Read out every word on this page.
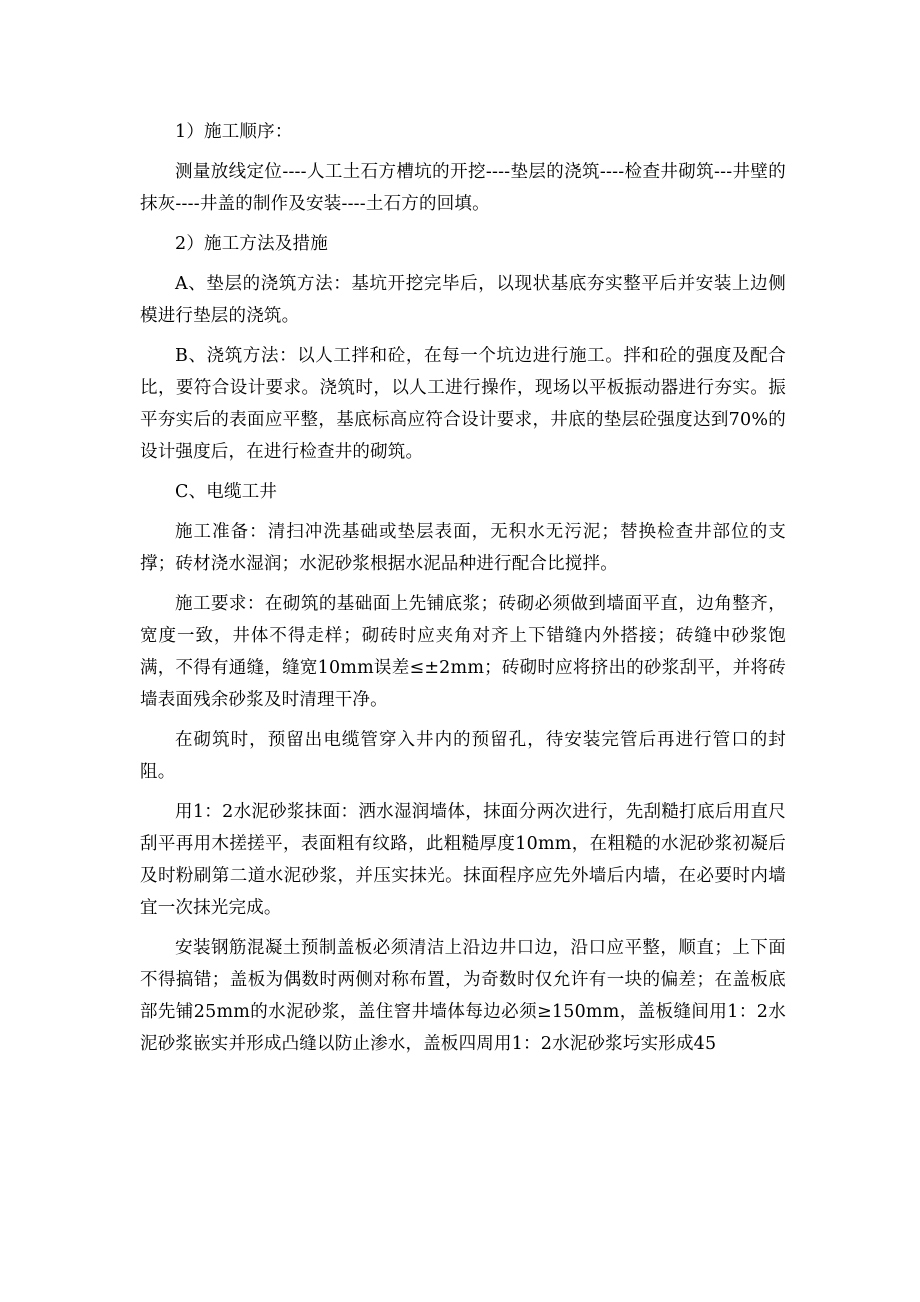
1）施工顺序：

测量放线定位----人工土石方槽坑的开挖----垫层的浇筑----检查井砌筑---井壁的抹灰----井盖的制作及安装----土石方的回填。

2）施工方法及措施

A、垫层的浇筑方法：基坑开挖完毕后，以现状基底夯实整平后并安装上边侧模进行垫层的浇筑。

B、浇筑方法：以人工拌和砼，在每一个坑边进行施工。拌和砼的强度及配合比，要符合设计要求。浇筑时，以人工进行操作，现场以平板振动器进行夯实。振平夯实后的表面应平整，基底标高应符合设计要求，井底的垫层砼强度达到70%的设计强度后，在进行检查井的砌筑。

C、电缆工井

施工准备：清扫冲洗基础或垫层表面，无积水无污泥；替换检查井部位的支撑；砖材浇水湿润；水泥砂浆根据水泥品种进行配合比搅拌。

施工要求：在砌筑的基础面上先铺底浆；砖砌必须做到墙面平直，边角整齐，宽度一致，井体不得走样；砌砖时应夹角对齐上下错缝内外搭接；砖缝中砂浆饱满，不得有通缝，缝宽10mm误差≤±2mm；砖砌时应将挤出的砂浆刮平，并将砖墙表面残余砂浆及时清理干净。

在砌筑时，预留出电缆管穿入井内的预留孔，待安装完管后再进行管口的封阻。

用1：2水泥砂浆抹面：洒水湿润墙体，抹面分两次进行，先刮糙打底后用直尺刮平再用木搓搓平，表面粗有纹路，此粗糙厚度10mm，在粗糙的水泥砂浆初凝后及时粉刷第二道水泥砂浆，并压实抹光。抹面程序应先外墙后内墙，在必要时内墙宜一次抹光完成。

安装钢筋混凝土预制盖板必须清洁上沿边井口边，沿口应平整，顺直；上下面不得搞错；盖板为偶数时两侧对称布置，为奇数时仅允许有一块的偏差；在盖板底部先铺25mm的水泥砂浆，盖住窨井墙体每边必须≥150mm，盖板缝间用1：2水泥砂浆嵌实并形成凸缝以防止渗水，盖板四周用1：2水泥砂浆圬实形成45
